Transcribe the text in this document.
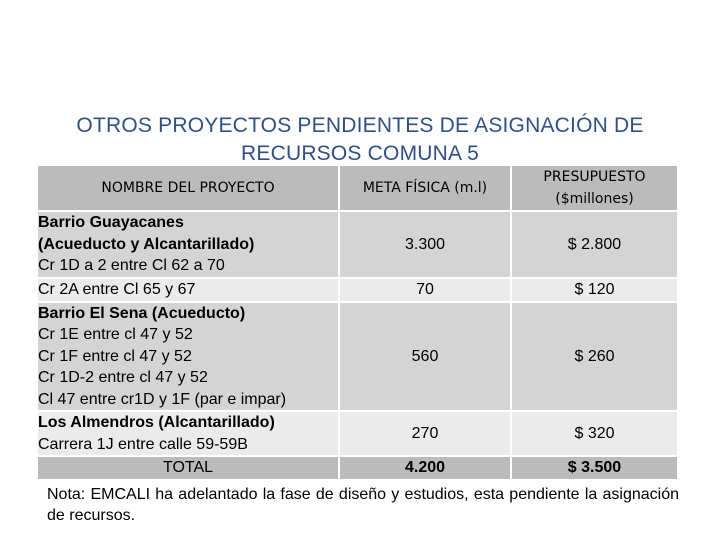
OTROS PROYECTOS PENDIENTES DE ASIGNACIÓN DE
RECURSOS COMUNA 5
NOMBRE DEL PROYECTO	META FÍSICA (m.l)	PRESUPUESTO
($millones)

Barrio Guayacanes
(Acueducto y Alcantarillado)
Cr 1D a 2 entre Cl 62 a 70	3.300	$ 2.800

Cr 2A entre Cl 65 y 67	70	$ 120

Barrio El Sena (Acueducto)
Cr 1E entre cl 47 y 52
Cr 1F entre cl 47 y 52
Cr 1D-2 entre cl 47 y 52
Cl 47 entre cr1D y 1F (par e impar)	560	$ 260

Los Almendros (Alcantarillado)
Carrera 1J entre calle 59-59B	270	$ 320
TOTAL	4.200	$ 3.500
Nota: EMCALI ha adelantado la fase de diseño y estudios, esta pendiente la asignación de recursos.
